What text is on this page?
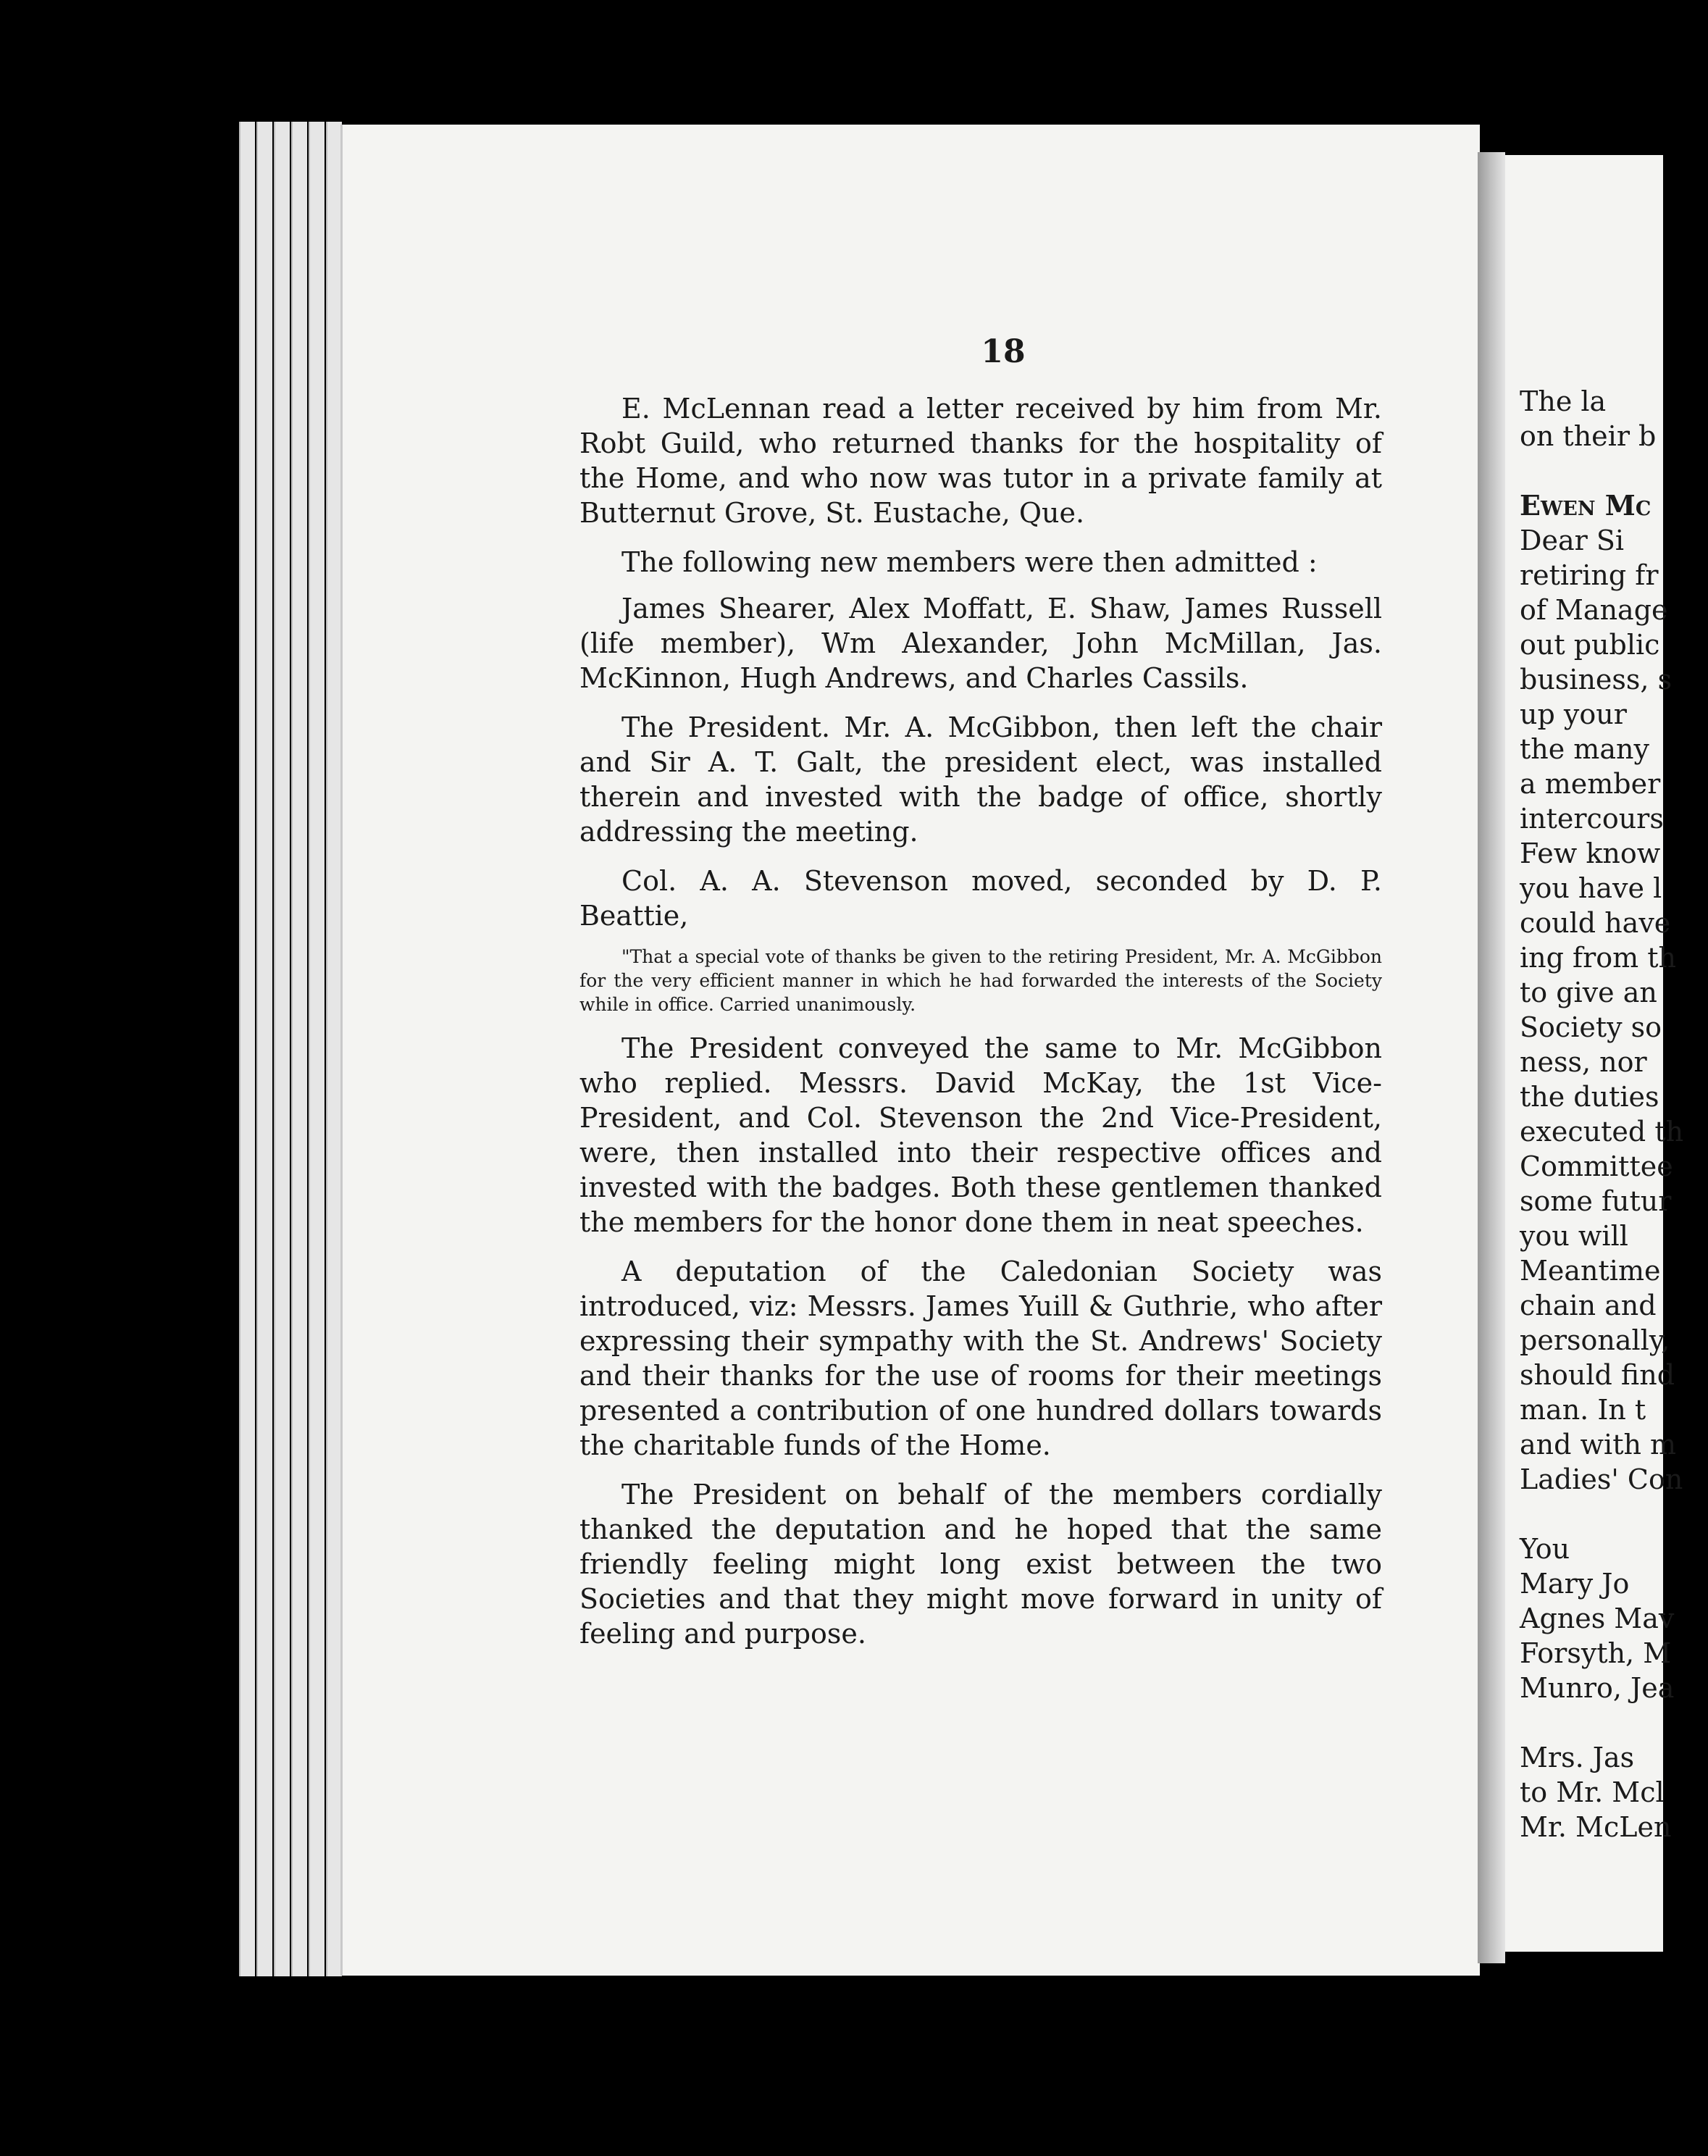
18

E. McLennan read a letter received by him from Mr. Robt Guild, who returned thanks for the hospitality of the Home, and who now was tutor in a private family at Butternut Grove, St. Eustache, Que.

The following new members were then admitted :

James Shearer, Alex Moffatt, E. Shaw, James Russell (life member), Wm Alexander, John McMillan, Jas. McKinnon, Hugh Andrews, and Charles Cassils.

The President. Mr. A. McGibbon, then left the chair and Sir A. T. Galt, the president elect, was installed therein and invested with the badge of office, shortly addressing the meeting.

Col. A. A. Stevenson moved, seconded by D. P. Beattie,

"That a special vote of thanks be given to the retiring President, Mr. A. McGibbon for the very efficient manner in which he had forwarded the interests of the Society while in office. Carried unanimously.

The President conveyed the same to Mr. McGibbon who replied. Messrs. David McKay, the 1st Vice-President, and Col. Stevenson the 2nd Vice-President, were, then installed into their respective offices and invested with the badges. Both these gentlemen thanked the members for the honor done them in neat speeches.

A deputation of the Caledonian Society was introduced, viz: Messrs. James Yuill & Guthrie, who after expressing their sympathy with the St. Andrews' Society and their thanks for the use of rooms for their meetings presented a contribution of one hundred dollars towards the charitable funds of the Home.

The President on behalf of the members cordially thanked the deputation and he hoped that the same friendly feeling might long exist between the two Societies and that they might move forward in unity of feeling and purpose.

The la
on their b
Ewen Mc
Dear Si
retiring fr
of Manage
out public
business, s
up your
the many
a member
intercours
Few know
you have l
could have
ing from th
to give an
Society so
ness, nor
the duties
executed th
Committee
some futur
you will
Meantime
chain and
personally,
should find
man. In t
and with m
Ladies' Con
You
Mary Jo
Agnes Mav
Forsyth, M
Munro, Jea
Mrs. Jas
to Mr. Mcl
Mr. McLen
